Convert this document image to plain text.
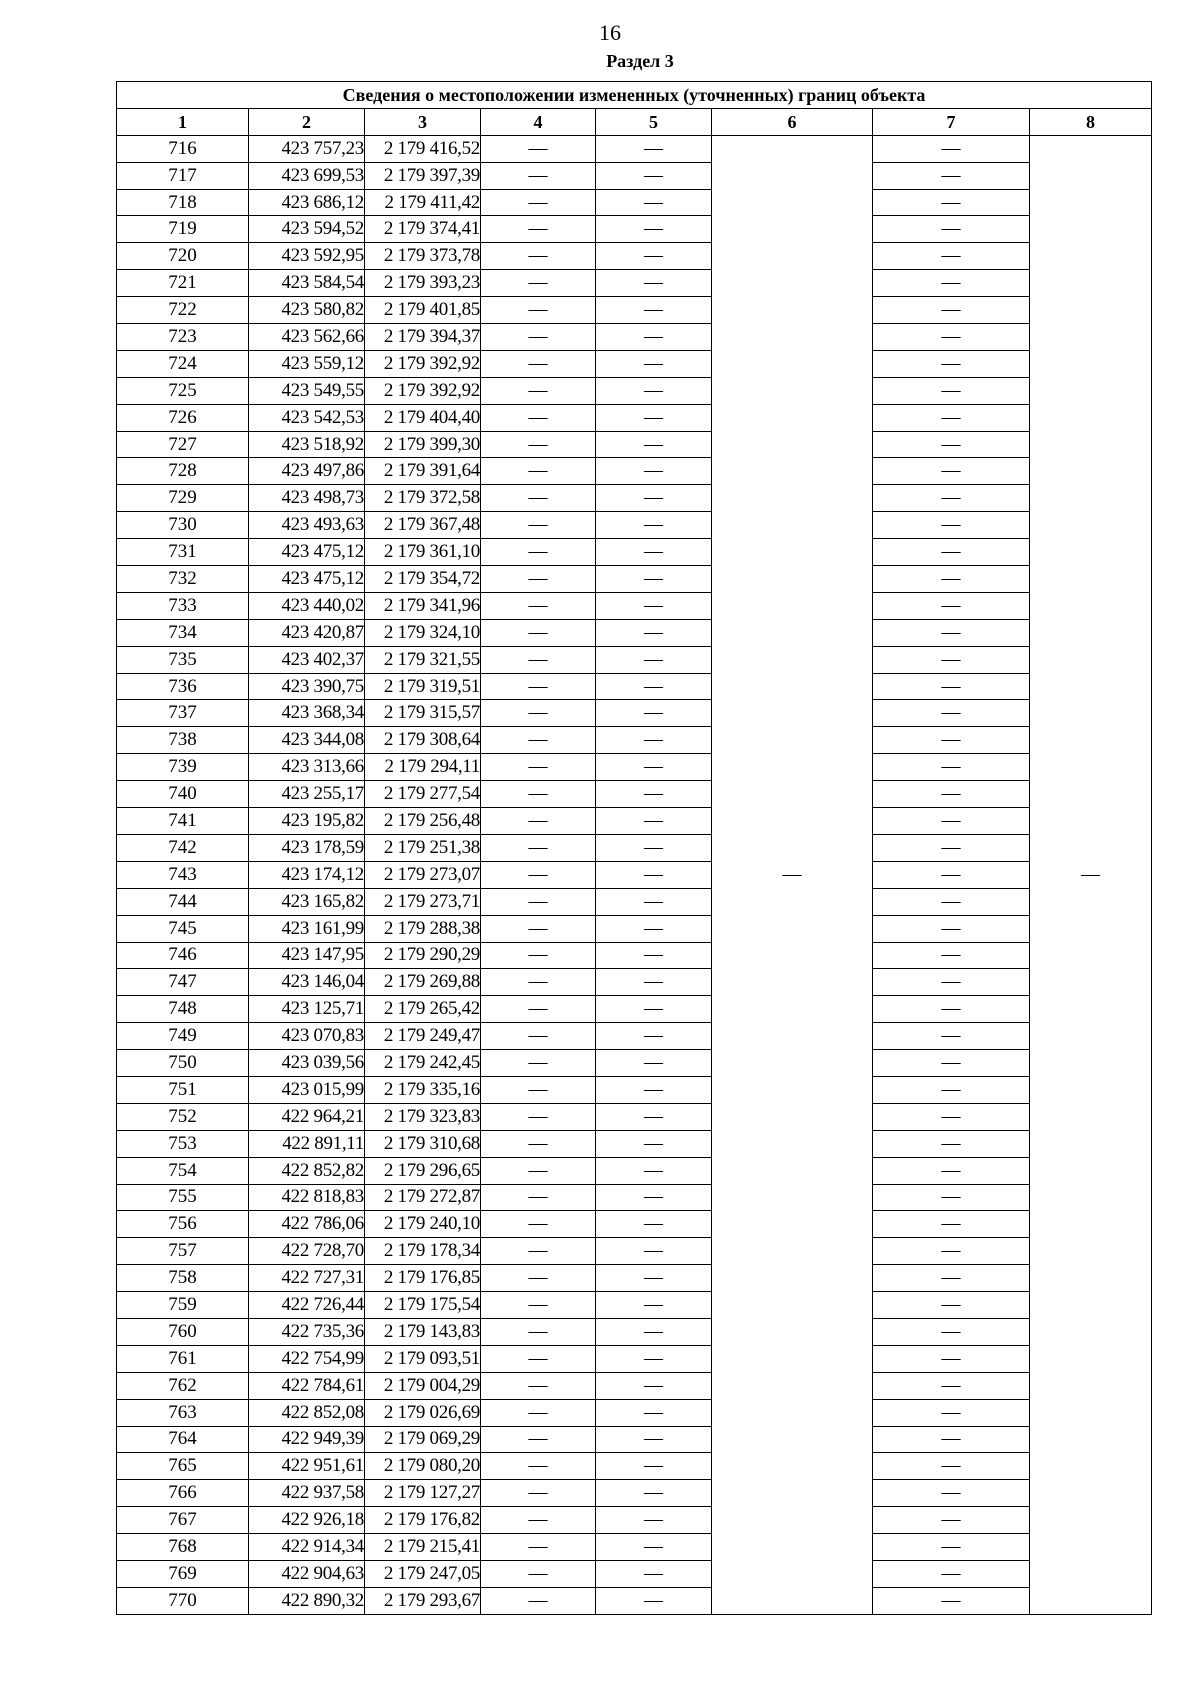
16
Раздел 3
Сведения о местоположении измененных (уточненных) границ объекта							
1	2	3	4	5	6	7	8
716	423 757,23	2 179 416,52	—	—	—	—	—
717	423 699,53	2 179 397,39	—	—		—	
718	423 686,12	2 179 411,42	—	—		—	
719	423 594,52	2 179 374,41	—	—		—	
720	423 592,95	2 179 373,78	—	—		—	
721	423 584,54	2 179 393,23	—	—		—	
722	423 580,82	2 179 401,85	—	—		—	
723	423 562,66	2 179 394,37	—	—		—	
724	423 559,12	2 179 392,92	—	—		—	
725	423 549,55	2 179 392,92	—	—		—	
726	423 542,53	2 179 404,40	—	—		—	
727	423 518,92	2 179 399,30	—	—		—	
728	423 497,86	2 179 391,64	—	—		—	
729	423 498,73	2 179 372,58	—	—		—	
730	423 493,63	2 179 367,48	—	—		—	
731	423 475,12	2 179 361,10	—	—		—	
732	423 475,12	2 179 354,72	—	—		—	
733	423 440,02	2 179 341,96	—	—		—	
734	423 420,87	2 179 324,10	—	—		—	
735	423 402,37	2 179 321,55	—	—		—	
736	423 390,75	2 179 319,51	—	—		—	
737	423 368,34	2 179 315,57	—	—		—	
738	423 344,08	2 179 308,64	—	—		—	
739	423 313,66	2 179 294,11	—	—		—	
740	423 255,17	2 179 277,54	—	—		—	
741	423 195,82	2 179 256,48	—	—		—	
742	423 178,59	2 179 251,38	—	—		—	
743	423 174,12	2 179 273,07	—	—		—	
744	423 165,82	2 179 273,71	—	—		—	
745	423 161,99	2 179 288,38	—	—		—	
746	423 147,95	2 179 290,29	—	—		—	
747	423 146,04	2 179 269,88	—	—		—	
748	423 125,71	2 179 265,42	—	—		—	
749	423 070,83	2 179 249,47	—	—		—	
750	423 039,56	2 179 242,45	—	—		—	
751	423 015,99	2 179 335,16	—	—		—	
752	422 964,21	2 179 323,83	—	—		—	
753	422 891,11	2 179 310,68	—	—		—	
754	422 852,82	2 179 296,65	—	—		—	
755	422 818,83	2 179 272,87	—	—		—	
756	422 786,06	2 179 240,10	—	—		—	
757	422 728,70	2 179 178,34	—	—		—	
758	422 727,31	2 179 176,85	—	—		—	
759	422 726,44	2 179 175,54	—	—		—	
760	422 735,36	2 179 143,83	—	—		—	
761	422 754,99	2 179 093,51	—	—		—	
762	422 784,61	2 179 004,29	—	—		—	
763	422 852,08	2 179 026,69	—	—		—	
764	422 949,39	2 179 069,29	—	—		—	
765	422 951,61	2 179 080,20	—	—		—	
766	422 937,58	2 179 127,27	—	—		—	
767	422 926,18	2 179 176,82	—	—		—	
768	422 914,34	2 179 215,41	—	—		—	
769	422 904,63	2 179 247,05	—	—		—	
770	422 890,32	2 179 293,67	—	—		—	
